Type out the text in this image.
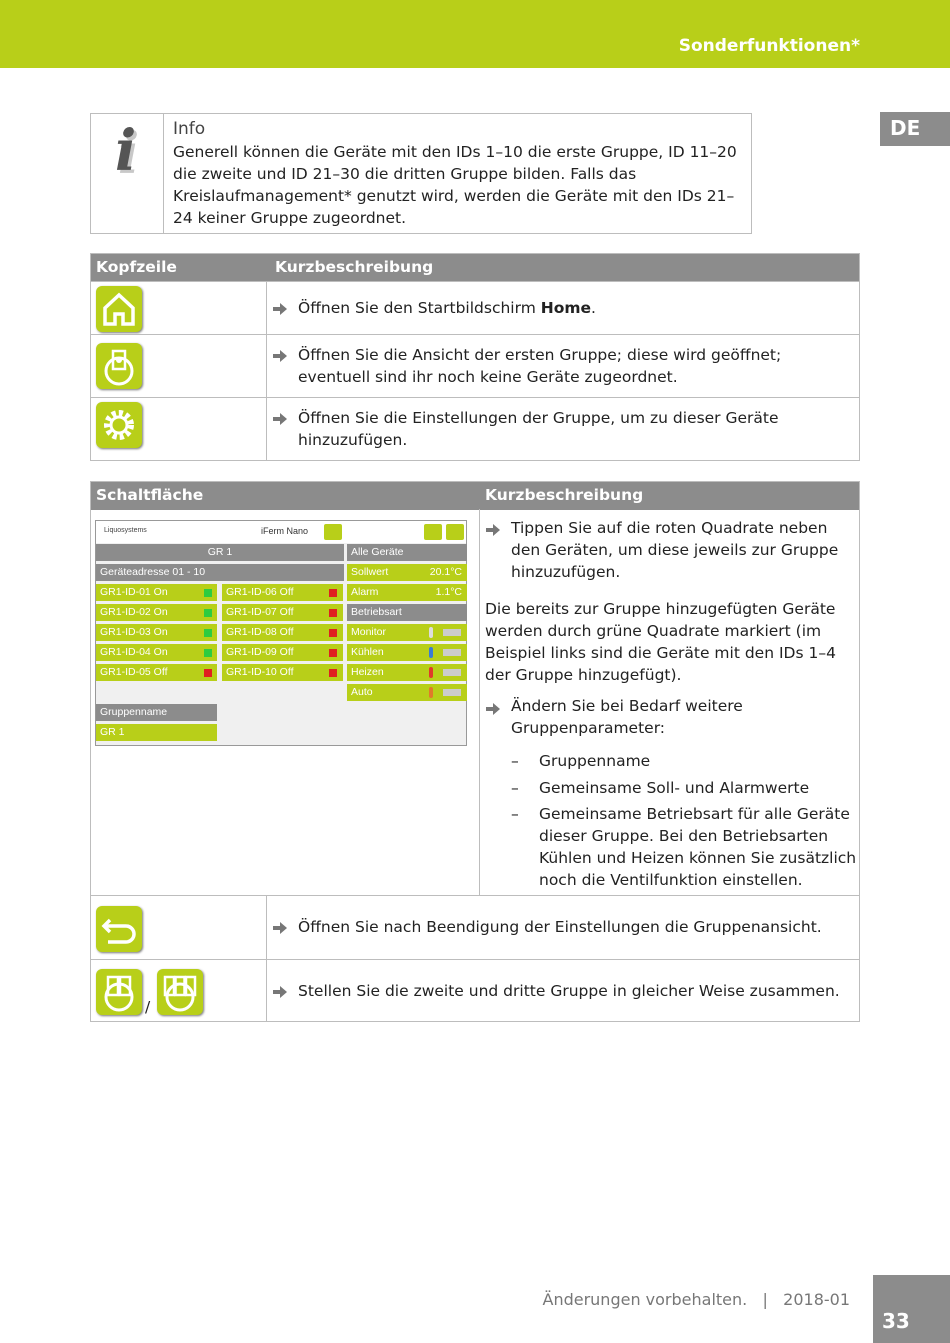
Sonderfunktionen*
DE
i Info
Generell können die Geräte mit den IDs 1–10 die erste Gruppe, ID 11–20 die zweite und ID 21–30 die dritten Gruppe bilden. Falls das Kreislaufmanagement* genutzt wird, werden die Geräte mit den IDs 21–24 keiner Gruppe zugeordnet.
Kopfzeile	Kurzbeschreibung
Öffnen Sie den Startbildschirm Home.
Öffnen Sie die Ansicht der ersten Gruppe; diese wird geöffnet; eventuell sind ihr noch keine Geräte zugeordnet.
Öffnen Sie die Einstellungen der Gruppe, um zu dieser Geräte hinzuzufügen.
Schaltfläche	Kurzbeschreibung
Tippen Sie auf die roten Quadrate neben den Geräten, um diese jeweils zur Gruppe hinzuzufügen.
Die bereits zur Gruppe hinzugefügten Geräte werden durch grüne Quadrate markiert (im Beispiel links sind die Geräte mit den IDs 1–4 der Gruppe hinzugefügt).
Ändern Sie bei Bedarf weitere Gruppenparameter:
– Gruppenname
– Gemeinsame Soll- und Alarmwerte
– Gemeinsame Betriebsart für alle Geräte dieser Gruppe. Bei den Betriebsarten Kühlen und Heizen können Sie zusätzlich noch die Ventilfunktion einstellen.
Öffnen Sie nach Beendigung der Einstellungen die Gruppenansicht.
/
Stellen Sie die zweite und dritte Gruppe in gleicher Weise zusammen.
Liquosystems	iFerm Nano
GR 1
Geräteadresse 01 - 10
GR1-ID-01 On
GR1-ID-02 On
GR1-ID-03 On
GR1-ID-04 On
GR1-ID-05 Off
GR1-ID-06 Off
GR1-ID-07 Off
GR1-ID-08 Off
GR1-ID-09 Off
GR1-ID-10 Off
Gruppenname
GR 1
Alle Geräte
Sollwert	20.1°C
Alarm	1.1°C
Betriebsart
Monitor
Kühlen
Heizen
Auto
Änderungen vorbehalten.   |   2018-01
33
